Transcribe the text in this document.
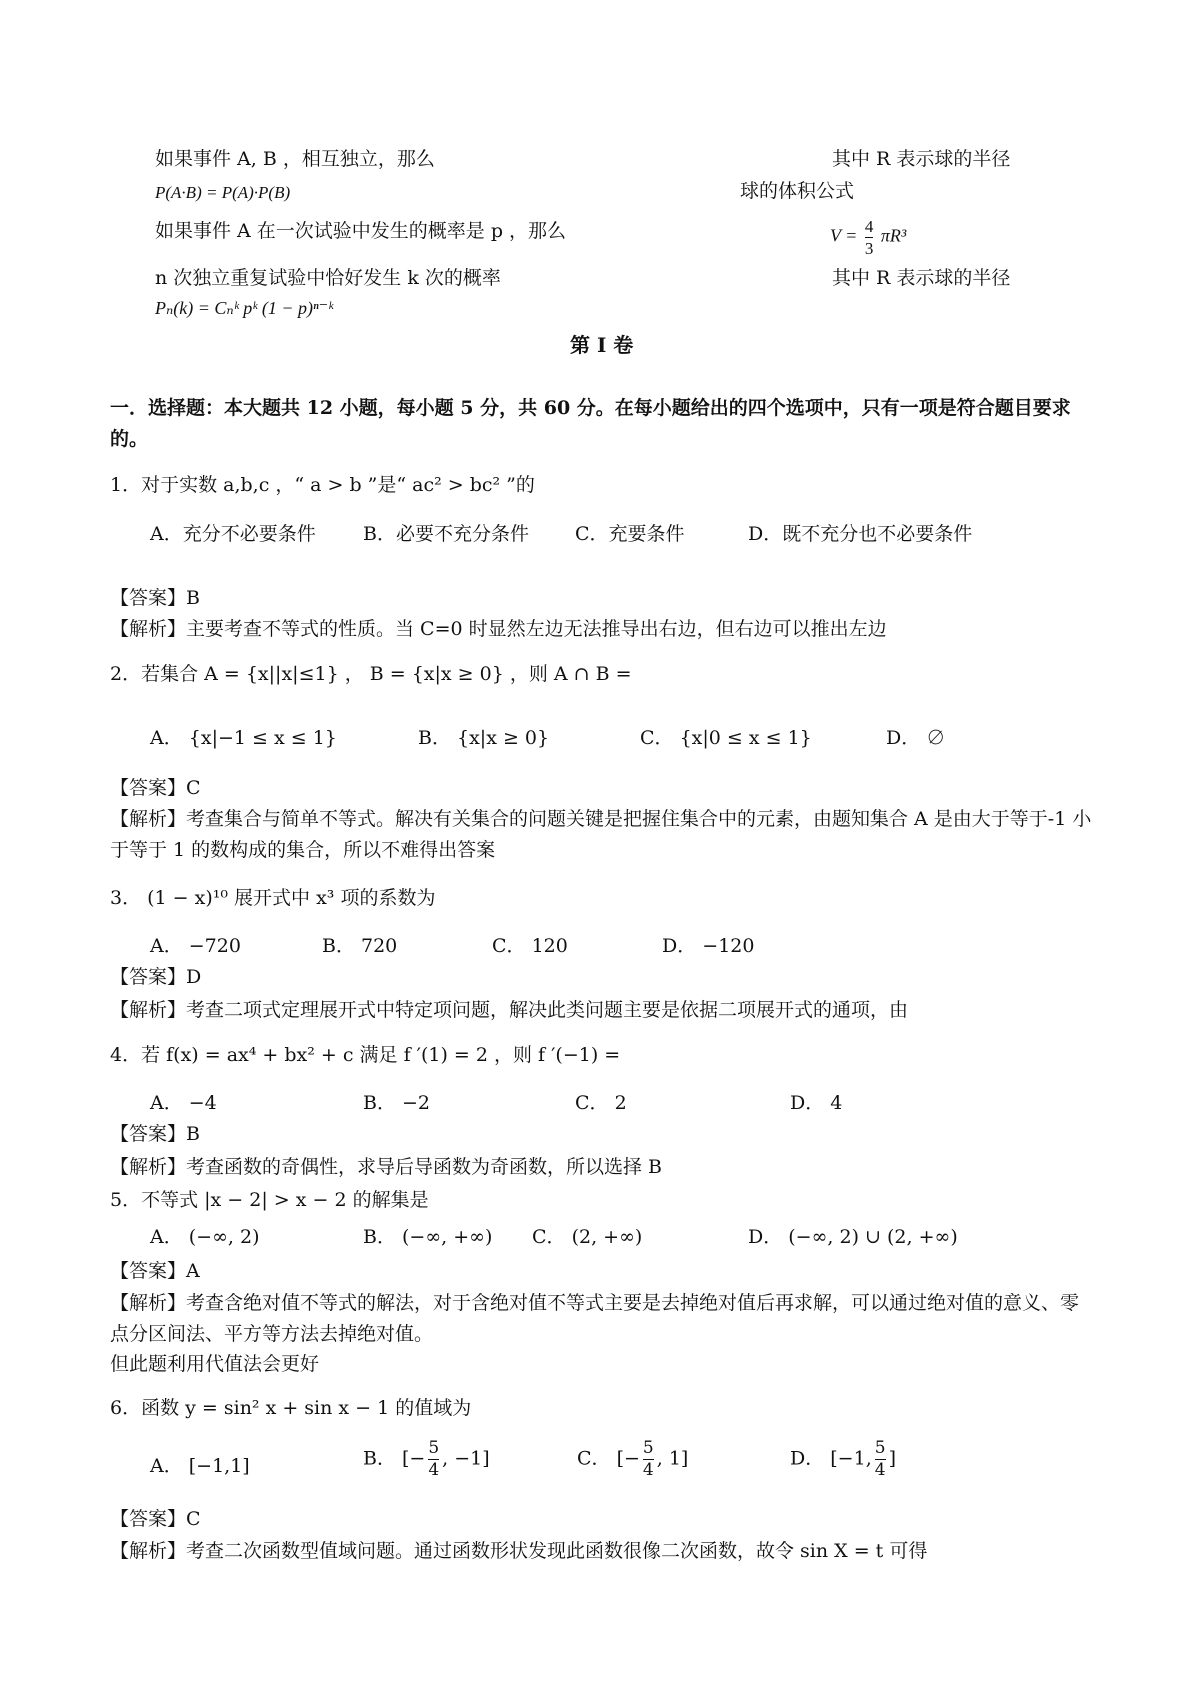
如果事件 A, B ，相互独立，那么
P(A·B) = P(A)·P(B)
如果事件 A 在一次试验中发生的概率是 p ，那么
n 次独立重复试验中恰好发生 k 次的概率
Pₙ(k) = Cₙᵏ pᵏ (1 − p)ⁿ⁻ᵏ
其中 R 表示球的半径
球的体积公式
$V = \frac{4}{3} \pi R^3$
其中 R 表示球的半径
第 I 卷
一．选择题：本大题共 12 小题，每小题 5 分，共 60 分。在每小题给出的四个选项中，只有一项是符合题目要求的。
1．对于实数 a,b,c ，“ a > b ”是“ ac² > bc² ”的
A．充分不必要条件 B．必要不充分条件 C．充要条件	D．既不充分也不必要条件
【答案】B
【解析】主要考查不等式的性质。当 C=0 时显然左边无法推导出右边，但右边可以推出左边
2．若集合 A = {x||x|≤1} ， B = {x|x ≥ 0} ，则 A ∩ B =
A． {x|−1 ≤ x ≤ 1}	B． {x|x ≥ 0}	C． {x|0 ≤ x ≤ 1}	D． ∅
【答案】C
【解析】考查集合与简单不等式。解决有关集合的问题关键是把握住集合中的元素，由题知集合 A 是由大于等于-1 小于等于 1 的数构成的集合，所以不难得出答案
3． (1 − x)¹⁰ 展开式中 x³ 项的系数为
A． −720	B． 720	C． 120	D． −120
【答案】D
【解析】考查二项式定理展开式中特定项问题，解决此类问题主要是依据二项展开式的通项，由
4．若 f(x) = ax⁴ + bx² + c 满足 f ′(1) = 2 ，则 f ′(−1) =
A． −4	B． −2	C． 2	D． 4
【答案】B
【解析】考查函数的奇偶性，求导后导函数为奇函数，所以选择 B
5．不等式 |x − 2| > x − 2 的解集是
A． (−∞, 2)	B． (−∞, +∞) C． (2, +∞)	D． (−∞, 2) ∪ (2, +∞)
【答案】A
【解析】考查含绝对值不等式的解法，对于含绝对值不等式主要是去掉绝对值后再求解，可以通过绝对值的意义、零点分区间法、平方等方法去掉绝对值。
但此题利用代值法会更好
6．函数 y = sin² x + sin x − 1 的值域为
A． [−1,1]	B． [− $\frac{5}{4}$ , −1]	C． [− $\frac{5}{4}$ , 1]	D． [−1, $\frac{5}{4}$ ]
【答案】C
【解析】考查二次函数型值域问题。通过函数形状发现此函数很像二次函数，故令 sin X = t 可得
